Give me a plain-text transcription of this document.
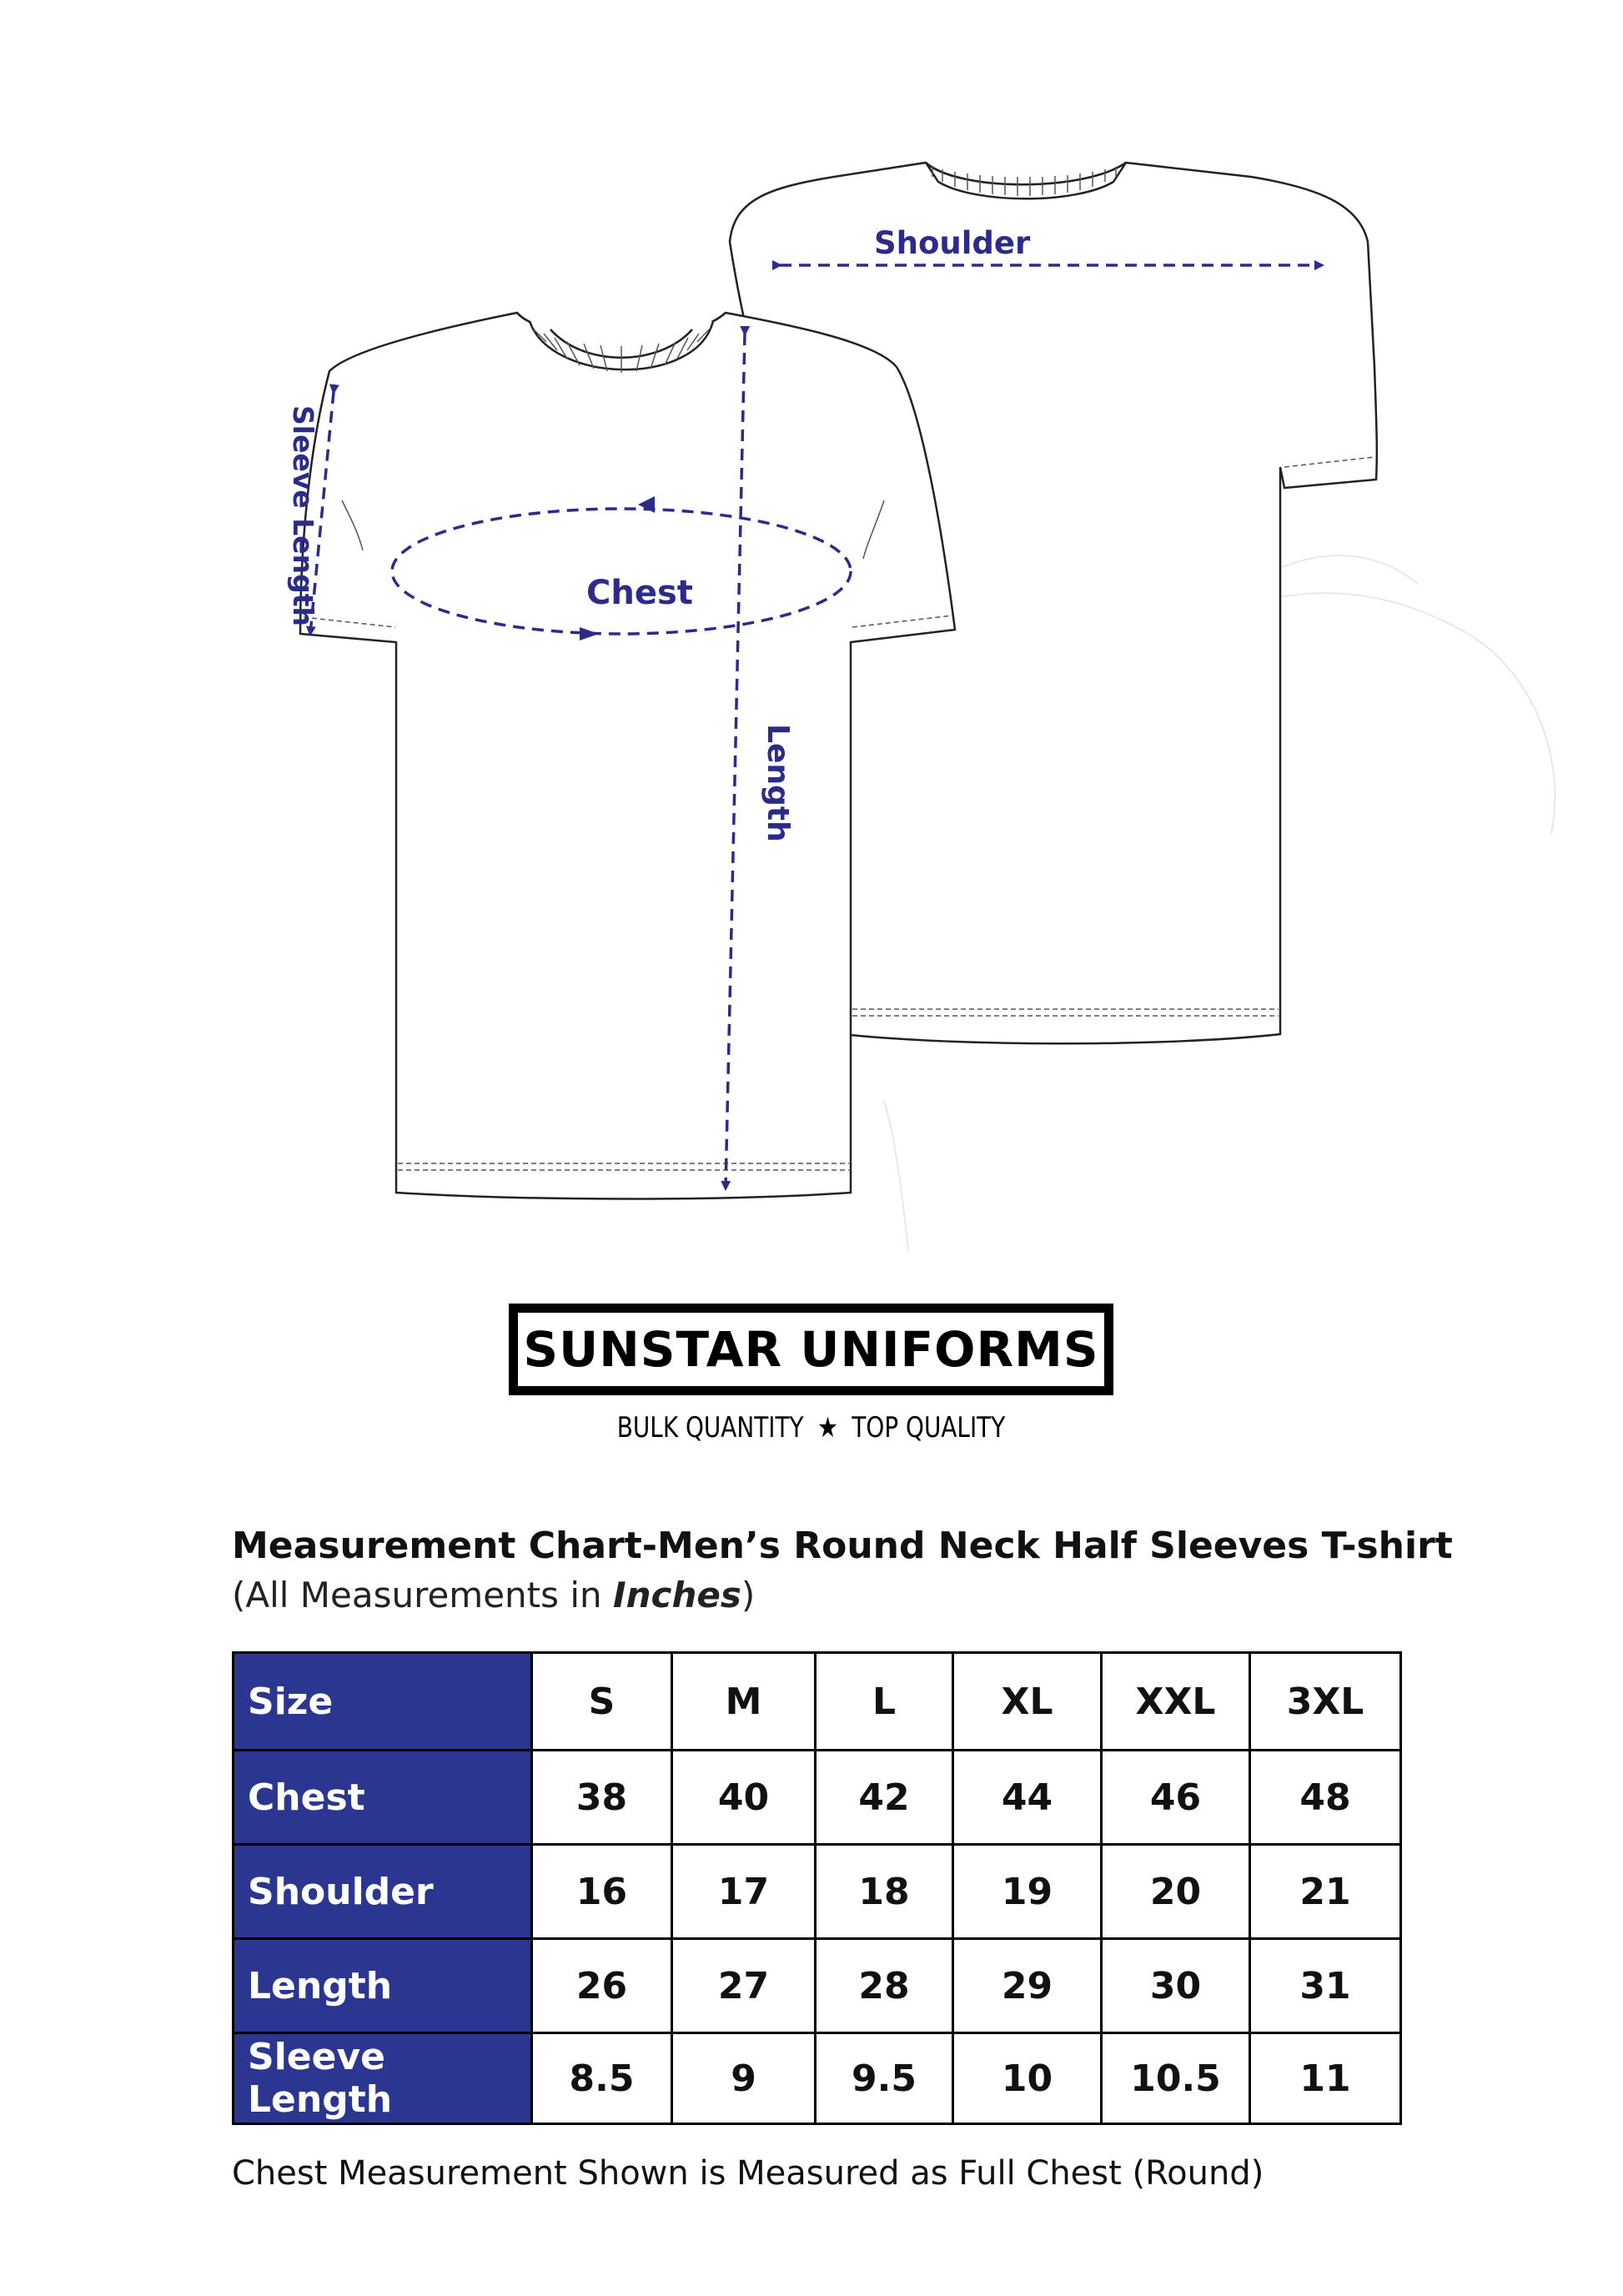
Shoulder
Chest
Length
Sleeve Length
SUNSTAR UNIFORMS
BULK QUANTITY ★ TOP QUALITY
Measurement Chart-Men’s Round Neck Half Sleeves T-shirt
(All Measurements in Inches)
Size	S	M	L	XL	XXL	3XL
Chest	38	40	42	44	46	48
Shoulder	16	17	18	19	20	21
Length	26	27	28	29	30	31
Sleeve Length	8.5	9	9.5	10	10.5	11
Chest Measurement Shown is Measured as Full Chest (Round)
